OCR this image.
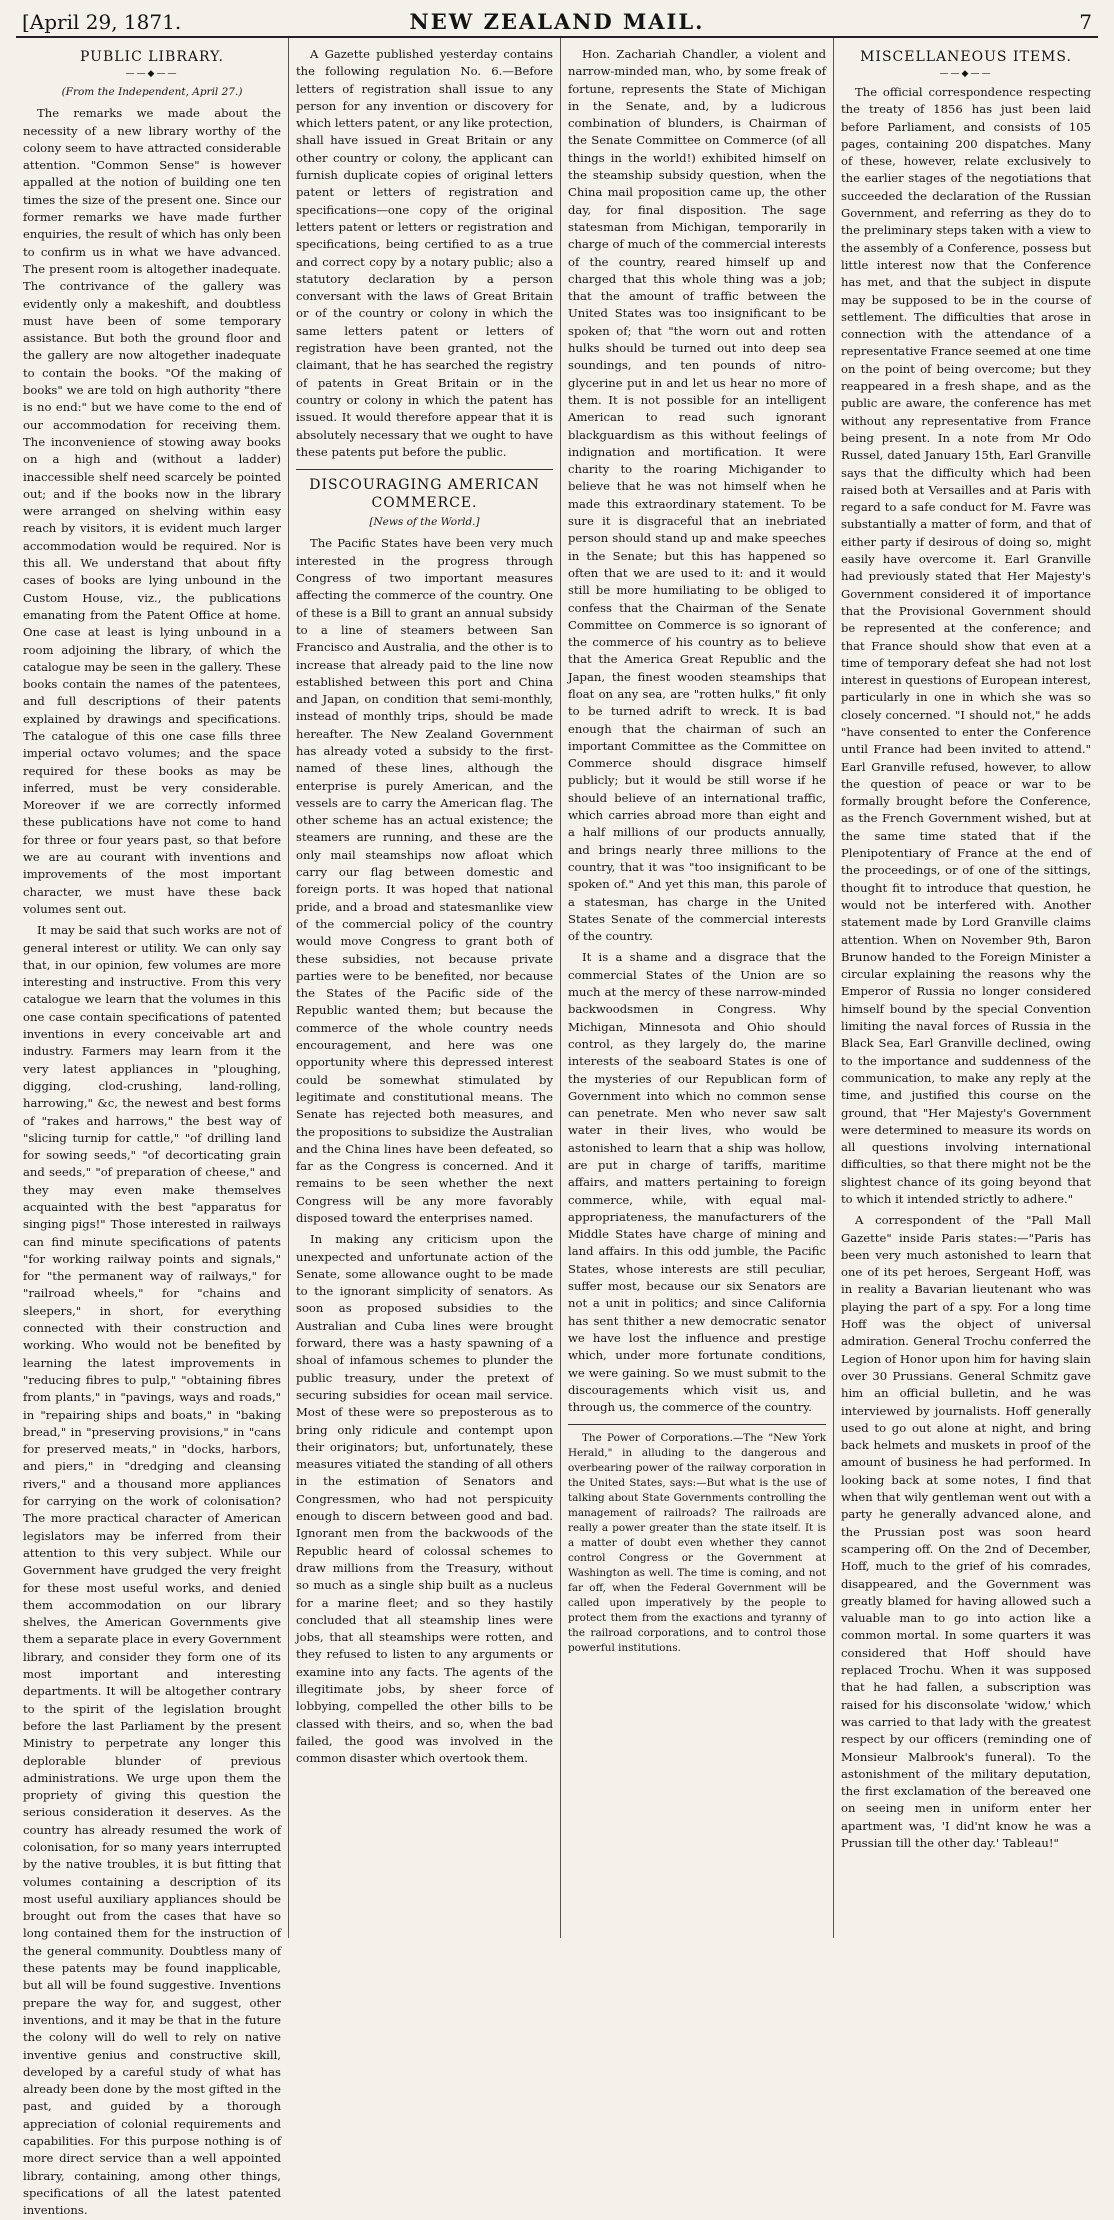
[April 29, 1871.	NEW ZEALAND MAIL.	7
PUBLIC LIBRARY.
——◆——
(From the Independent, April 27.)

The remarks we made about the necessity of a new library worthy of the colony seem to have attracted considerable attention. "Common Sense" is however appalled at the notion of building one ten times the size of the present one. Since our former remarks we have made further enquiries, the result of which has only been to confirm us in what we have advanced. The present room is altogether inadequate. The contrivance of the gallery was evidently only a makeshift, and doubtless must have been of some temporary assistance. But both the ground floor and the gallery are now altogether inadequate to contain the books. "Of the making of books" we are told on high authority "there is no end:" but we have come to the end of our accommodation for receiving them. The inconvenience of stowing away books on a high and (without a ladder) inaccessible shelf need scarcely be pointed out; and if the books now in the library were arranged on shelving within easy reach by visitors, it is evident much larger accommodation would be required. Nor is this all. We understand that about fifty cases of books are lying unbound in the Custom House, viz., the publications emanating from the Patent Office at home. One case at least is lying unbound in a room adjoining the library, of which the catalogue may be seen in the gallery. These books contain the names of the patentees, and full descriptions of their patents explained by drawings and specifications. The catalogue of this one case fills three imperial octavo volumes; and the space required for these books as may be inferred, must be very considerable. Moreover if we are correctly informed these publications have not come to hand for three or four years past, so that before we are au courant with inventions and improvements of the most important character, we must have these back volumes sent out.

It may be said that such works are not of general interest or utility. We can only say that, in our opinion, few volumes are more interesting and instructive. From this very catalogue we learn that the volumes in this one case contain specifications of patented inventions in every conceivable art and industry. Farmers may learn from it the very latest appliances in "ploughing, digging, clod-crushing, land-rolling, harrowing," &c, the newest and best forms of "rakes and harrows," the best way of "slicing turnip for cattle," "of drilling land for sowing seeds," "of decorticating grain and seeds," "of preparation of cheese," and they may even make themselves acquainted with the best "apparatus for singing pigs!" Those interested in railways can find minute specifications of patents "for working railway points and signals," for "the permanent way of railways," for "railroad wheels," for "chains and sleepers," in short, for everything connected with their construction and working. Who would not be benefited by learning the latest improvements in "reducing fibres to pulp," "obtaining fibres from plants," in "pavings, ways and roads," in "repairing ships and boats," in "baking bread," in "preserving provisions," in "cans for preserved meats," in "docks, harbors, and piers," in "dredging and cleansing rivers," and a thousand more appliances for carrying on the work of colonisation? The more practical character of American legislators may be inferred from their attention to this very subject. While our Government have grudged the very freight for these most useful works, and denied them accommodation on our library shelves, the American Governments give them a separate place in every Government library, and consider they form one of its most important and interesting departments. It will be altogether contrary to the spirit of the legislation brought before the last Parliament by the present Ministry to perpetrate any longer this deplorable blunder of previous administrations. We urge upon them the propriety of giving this question the serious consideration it deserves. As the country has already resumed the work of colonisation, for so many years interrupted by the native troubles, it is but fitting that volumes containing a description of its most useful auxiliary appliances should be brought out from the cases that have so long contained them for the instruction of the general community. Doubtless many of these patents may be found inapplicable, but all will be found suggestive. Inventions prepare the way for, and suggest, other inventions, and it may be that in the future the colony will do well to rely on native inventive genius and constructive skill, developed by a careful study of what has already been done by the most gifted in the past, and guided by a thorough appreciation of colonial requirements and capabilities. For this purpose nothing is of more direct service than a well appointed library, containing, among other things, specifications of all the latest patented inventions.

A Gazette published yesterday contains the following regulation No. 6.—Before letters of registration shall issue to any person for any invention or discovery for which letters patent, or any like protection, shall have issued in Great Britain or any other country or colony, the applicant can furnish duplicate copies of original letters patent or letters of registration and specifications—one copy of the original letters patent or letters or registration and specifications, being certified to as a true and correct copy by a notary public; also a statutory declaration by a person conversant with the laws of Great Britain or of the country or colony in which the same letters patent or letters of registration have been granted, not the claimant, that he has searched the registry of patents in Great Britain or in the country or colony in which the patent has issued. It would therefore appear that it is absolutely necessary that we ought to have these patents put before the public.

DISCOURAGING AMERICAN COMMERCE.
[News of the World.]

The Pacific States have been very much interested in the progress through Congress of two important measures affecting the commerce of the country. One of these is a Bill to grant an annual subsidy to a line of steamers between San Francisco and Australia, and the other is to increase that already paid to the line now established between this port and China and Japan, on condition that semi-monthly, instead of monthly trips, should be made hereafter. The New Zealand Government has already voted a subsidy to the first-named of these lines, although the enterprise is purely American, and the vessels are to carry the American flag. The other scheme has an actual existence; the steamers are running, and these are the only mail steamships now afloat which carry our flag between domestic and foreign ports. It was hoped that national pride, and a broad and statesmanlike view of the commercial policy of the country would move Congress to grant both of these subsidies, not because private parties were to be benefited, nor because the States of the Pacific side of the Republic wanted them; but because the commerce of the whole country needs encouragement, and here was one opportunity where this depressed interest could be somewhat stimulated by legitimate and constitutional means. The Senate has rejected both measures, and the propositions to subsidize the Australian and the China lines have been defeated, so far as the Congress is concerned. And it remains to be seen whether the next Congress will be any more favorably disposed toward the enterprises named.

In making any criticism upon the unexpected and unfortunate action of the Senate, some allowance ought to be made to the ignorant simplicity of senators. As soon as proposed subsidies to the Australian and Cuba lines were brought forward, there was a hasty spawning of a shoal of infamous schemes to plunder the public treasury, under the pretext of securing subsidies for ocean mail service. Most of these were so preposterous as to bring only ridicule and contempt upon their originators; but, unfortunately, these measures vitiated the standing of all others in the estimation of Senators and Congressmen, who had not perspicuity enough to discern between good and bad. Ignorant men from the backwoods of the Republic heard of colossal schemes to draw millions from the Treasury, without so much as a single ship built as a nucleus for a marine fleet; and so they hastily concluded that all steamship lines were jobs, that all steamships were rotten, and they refused to listen to any arguments or examine into any facts. The agents of the illegitimate jobs, by sheer force of lobbying, compelled the other bills to be classed with theirs, and so, when the bad failed, the good was involved in the common disaster which overtook them.

Hon. Zachariah Chandler, a violent and narrow-minded man, who, by some freak of fortune, represents the State of Michigan in the Senate, and, by a ludicrous combination of blunders, is Chairman of the Senate Committee on Commerce (of all things in the world!) exhibited himself on the steamship subsidy question, when the China mail proposition came up, the other day, for final disposition. The sage statesman from Michigan, temporarily in charge of much of the commercial interests of the country, reared himself up and charged that this whole thing was a job; that the amount of traffic between the United States was too insignificant to be spoken of; that "the worn out and rotten hulks should be turned out into deep sea soundings, and ten pounds of nitro-glycerine put in and let us hear no more of them. It is not possible for an intelligent American to read such ignorant blackguardism as this without feelings of indignation and mortification. It were charity to the roaring Michigander to believe that he was not himself when he made this extraordinary statement. To be sure it is disgraceful that an inebriated person should stand up and make speeches in the Senate; but this has happened so often that we are used to it: and it would still be more humiliating to be obliged to confess that the Chairman of the Senate Committee on Commerce is so ignorant of the commerce of his country as to believe that the America Great Republic and the Japan, the finest wooden steamships that float on any sea, are "rotten hulks," fit only to be turned adrift to wreck. It is bad enough that the chairman of such an important Committee as the Committee on Commerce should disgrace himself publicly; but it would be still worse if he should believe of an international traffic, which carries abroad more than eight and a half millions of our products annually, and brings nearly three millions to the country, that it was "too insignificant to be spoken of." And yet this man, this parole of a statesman, has charge in the United States Senate of the commercial interests of the country.

It is a shame and a disgrace that the commercial States of the Union are so much at the mercy of these narrow-minded backwoodsmen in Congress. Why Michigan, Minnesota and Ohio should control, as they largely do, the marine interests of the seaboard States is one of the mysteries of our Republican form of Government into which no common sense can penetrate. Men who never saw salt water in their lives, who would be astonished to learn that a ship was hollow, are put in charge of tariffs, maritime affairs, and matters pertaining to foreign commerce, while, with equal mal-appropriateness, the manufacturers of the Middle States have charge of mining and land affairs. In this odd jumble, the Pacific States, whose interests are still peculiar, suffer most, because our six Senators are not a unit in politics; and since California has sent thither a new democratic senator we have lost the influence and prestige which, under more fortunate conditions, we were gaining. So we must submit to the discouragements which visit us, and through us, the commerce of the country.

The Power of Corporations.—The "New York Herald," in alluding to the dangerous and overbearing power of the railway corporation in the United States, says:—But what is the use of talking about State Governments controlling the management of railroads? The railroads are really a power greater than the state itself. It is a matter of doubt even whether they cannot control Congress or the Government at Washington as well. The time is coming, and not far off, when the Federal Government will be called upon imperatively by the people to protect them from the exactions and tyranny of the railroad corporations, and to control those powerful institutions.

MISCELLANEOUS ITEMS.
——◆——

The official correspondence respecting the treaty of 1856 has just been laid before Parliament, and consists of 105 pages, containing 200 dispatches. Many of these, however, relate exclusively to the earlier stages of the negotiations that succeeded the declaration of the Russian Government, and referring as they do to the preliminary steps taken with a view to the assembly of a Conference, possess but little interest now that the Conference has met, and that the subject in dispute may be supposed to be in the course of settlement. The difficulties that arose in connection with the attendance of a representative France seemed at one time on the point of being overcome; but they reappeared in a fresh shape, and as the public are aware, the conference has met without any representative from France being present. In a note from Mr Odo Russel, dated January 15th, Earl Granville says that the difficulty which had been raised both at Versailles and at Paris with regard to a safe conduct for M. Favre was substantially a matter of form, and that of either party if desirous of doing so, might easily have overcome it. Earl Granville had previously stated that Her Majesty's Government considered it of importance that the Provisional Government should be represented at the conference; and that France should show that even at a time of temporary defeat she had not lost interest in questions of European interest, particularly in one in which she was so closely concerned. "I should not," he adds "have consented to enter the Conference until France had been invited to attend." Earl Granville refused, however, to allow the question of peace or war to be formally brought before the Conference, as the French Government wished, but at the same time stated that if the Plenipotentiary of France at the end of the proceedings, or of one of the sittings, thought fit to introduce that question, he would not be interfered with. Another statement made by Lord Granville claims attention. When on November 9th, Baron Brunow handed to the Foreign Minister a circular explaining the reasons why the Emperor of Russia no longer considered himself bound by the special Convention limiting the naval forces of Russia in the Black Sea, Earl Granville declined, owing to the importance and suddenness of the communication, to make any reply at the time, and justified this course on the ground, that "Her Majesty's Government were determined to measure its words on all questions involving international difficulties, so that there might not be the slightest chance of its going beyond that to which it intended strictly to adhere."

A correspondent of the "Pall Mall Gazette" inside Paris states:—"Paris has been very much astonished to learn that one of its pet heroes, Sergeant Hoff, was in reality a Bavarian lieutenant who was playing the part of a spy. For a long time Hoff was the object of universal admiration. General Trochu conferred the Legion of Honor upon him for having slain over 30 Prussians. General Schmitz gave him an official bulletin, and he was interviewed by journalists. Hoff generally used to go out alone at night, and bring back helmets and muskets in proof of the amount of business he had performed. In looking back at some notes, I find that when that wily gentleman went out with a party he generally advanced alone, and the Prussian post was soon heard scampering off. On the 2nd of December, Hoff, much to the grief of his comrades, disappeared, and the Government was greatly blamed for having allowed such a valuable man to go into action like a common mortal. In some quarters it was considered that Hoff should have replaced Trochu. When it was supposed that he had fallen, a subscription was raised for his disconsolate 'widow,' which was carried to that lady with the greatest respect by our officers (reminding one of Monsieur Malbrook's funeral). To the astonishment of the military deputation, the first exclamation of the bereaved one on seeing men in uniform enter her apartment was, 'I did'nt know he was a Prussian till the other day.' Tableau!"
